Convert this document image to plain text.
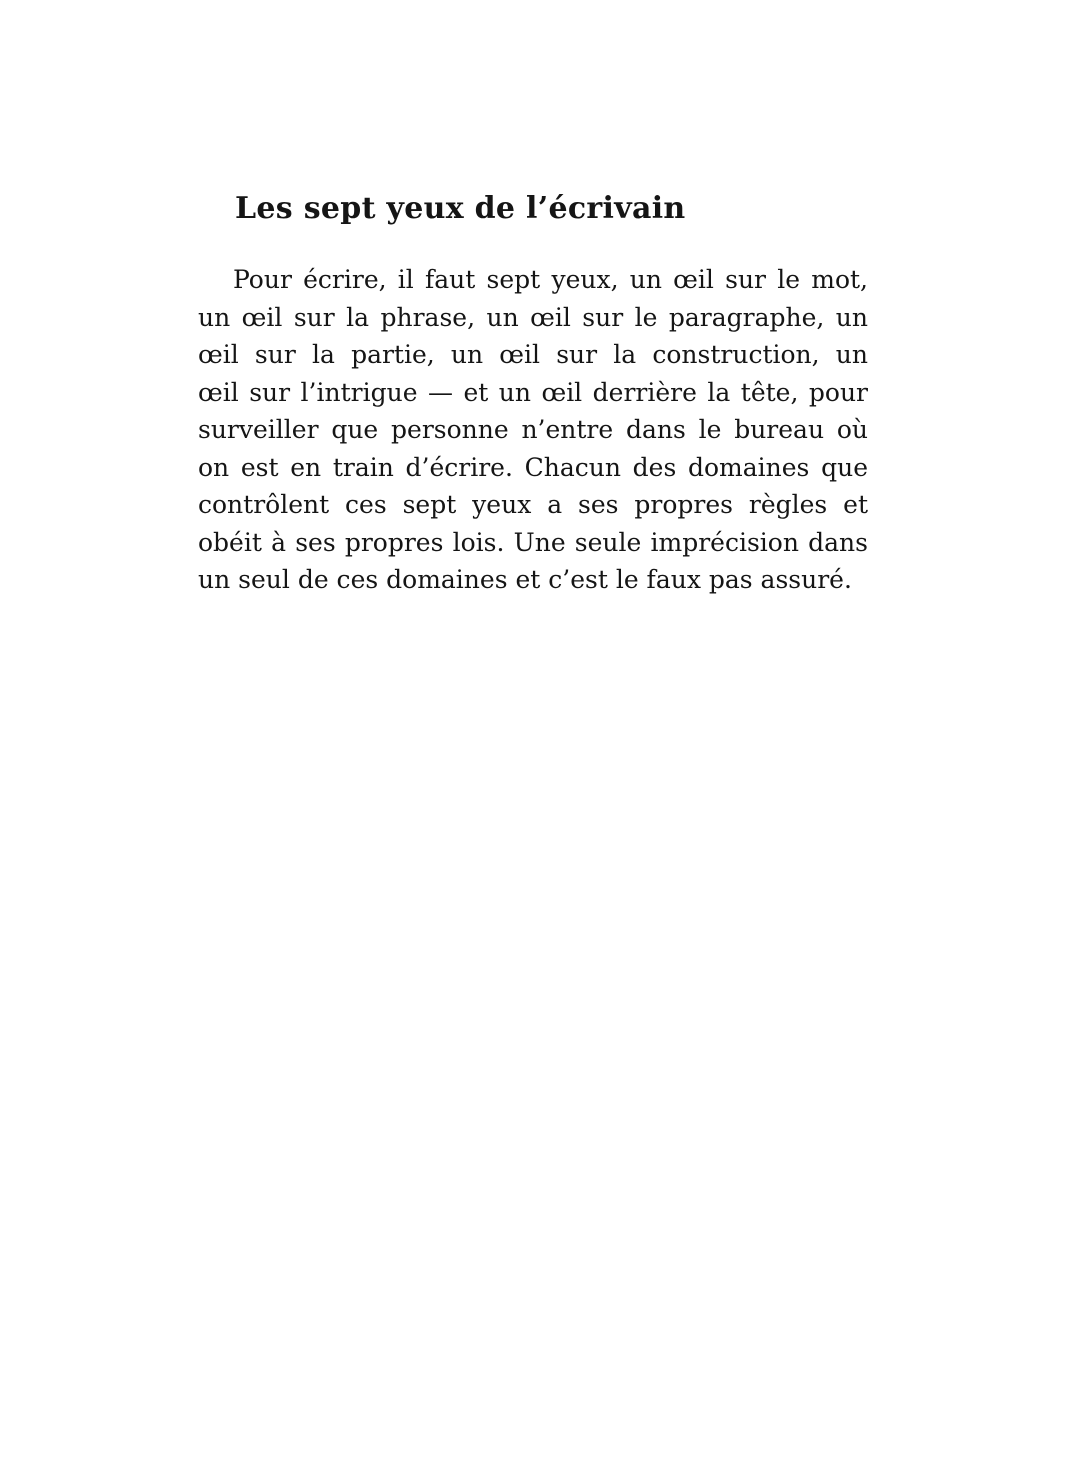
Les sept yeux de l’écrivain
Pour écrire, il faut sept yeux, un œil sur le mot,
un œil sur la phrase, un œil sur le paragraphe, un
œil sur la partie, un œil sur la construction, un
œil sur l’intrigue — et un œil derrière la tête, pour
surveiller que personne n’entre dans le bureau où
on est en train d’écrire. Chacun des domaines que
contrôlent ces sept yeux a ses propres règles et
obéit à ses propres lois. Une seule imprécision dans
un seul de ces domaines et c’est le faux pas assuré.
